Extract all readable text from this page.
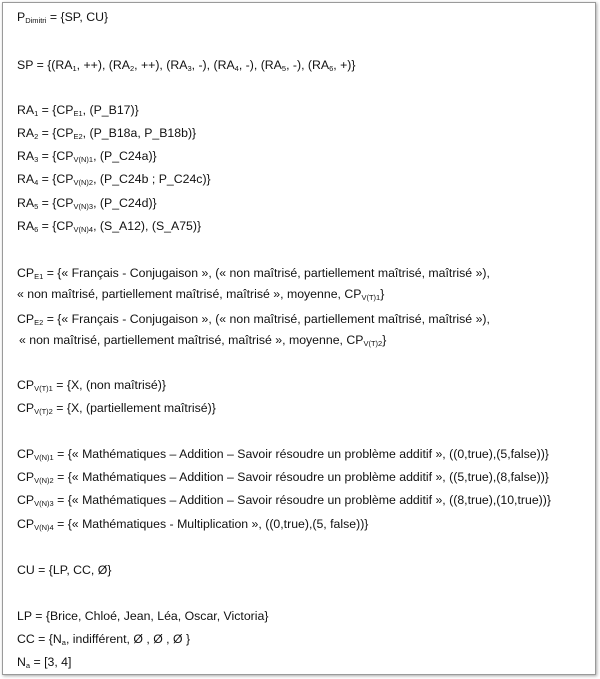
$P_{Dimitri} = \{SP$, CU}
SP = {($RA_1$, ++), ($RA_2$, ++), ($RA_3$, -), ($RA_4$, -), ($RA_5$, -), ($RA_6$, +)}
$RA_1 = \{CP_{E1}$, (P_B17)}
$RA_2 = \{CP_{E2}$, (P_B18a, P_B18b)}
$RA_3 = \{CP_{V(N)1}$, (P_C24a)}
$RA_4 = \{CP_{V(N)2}$, (P_C24b ; P_C24c)}
$RA_5 = \{CP_{V(N)3}$, (P_C24d)}
$RA_6 = \{CP_{V(N)4}$, (S_A12), (S_A75)}
$CP_{E1}$ = {« Français - Conjugaison », (« non maîtrisé, partiellement maîtrisé, maîtrisé »),
« non maîtrisé, partiellement maîtrisé, maîtrisé », moyenne, $CP_{V(T)1}$}
$CP_{E2}$ = {« Français - Conjugaison », (« non maîtrisé, partiellement maîtrisé, maîtrisé »),
« non maîtrisé, partiellement maîtrisé, maîtrisé », moyenne, $CP_{V(T)2}$}
$CP_{V(T)1} = \{X$, (non maîtrisé)}
$CP_{V(T)2} = \{X$, (partiellement maîtrisé)}
$CP_{V(N)1}$ = {« Mathématiques – Addition – Savoir résoudre un problème additif », ((0,true),(5,false))}
$CP_{V(N)2}$ = {« Mathématiques – Addition – Savoir résoudre un problème additif », ((5,true),(8,false))}
$CP_{V(N)3}$ = {« Mathématiques – Addition – Savoir résoudre un problème additif », ((8,true),(10,true))}
$CP_{V(N)4}$ = {« Mathématiques - Multiplication », ((0,true),(5, false))}
CU = {LP, CC, Ø}
LP = {Brice, Chloé, Jean, Léa, Oscar, Victoria}
CC = {$N_a$, indifférent, Ø , Ø , Ø }
$N_a = [3$, 4]
